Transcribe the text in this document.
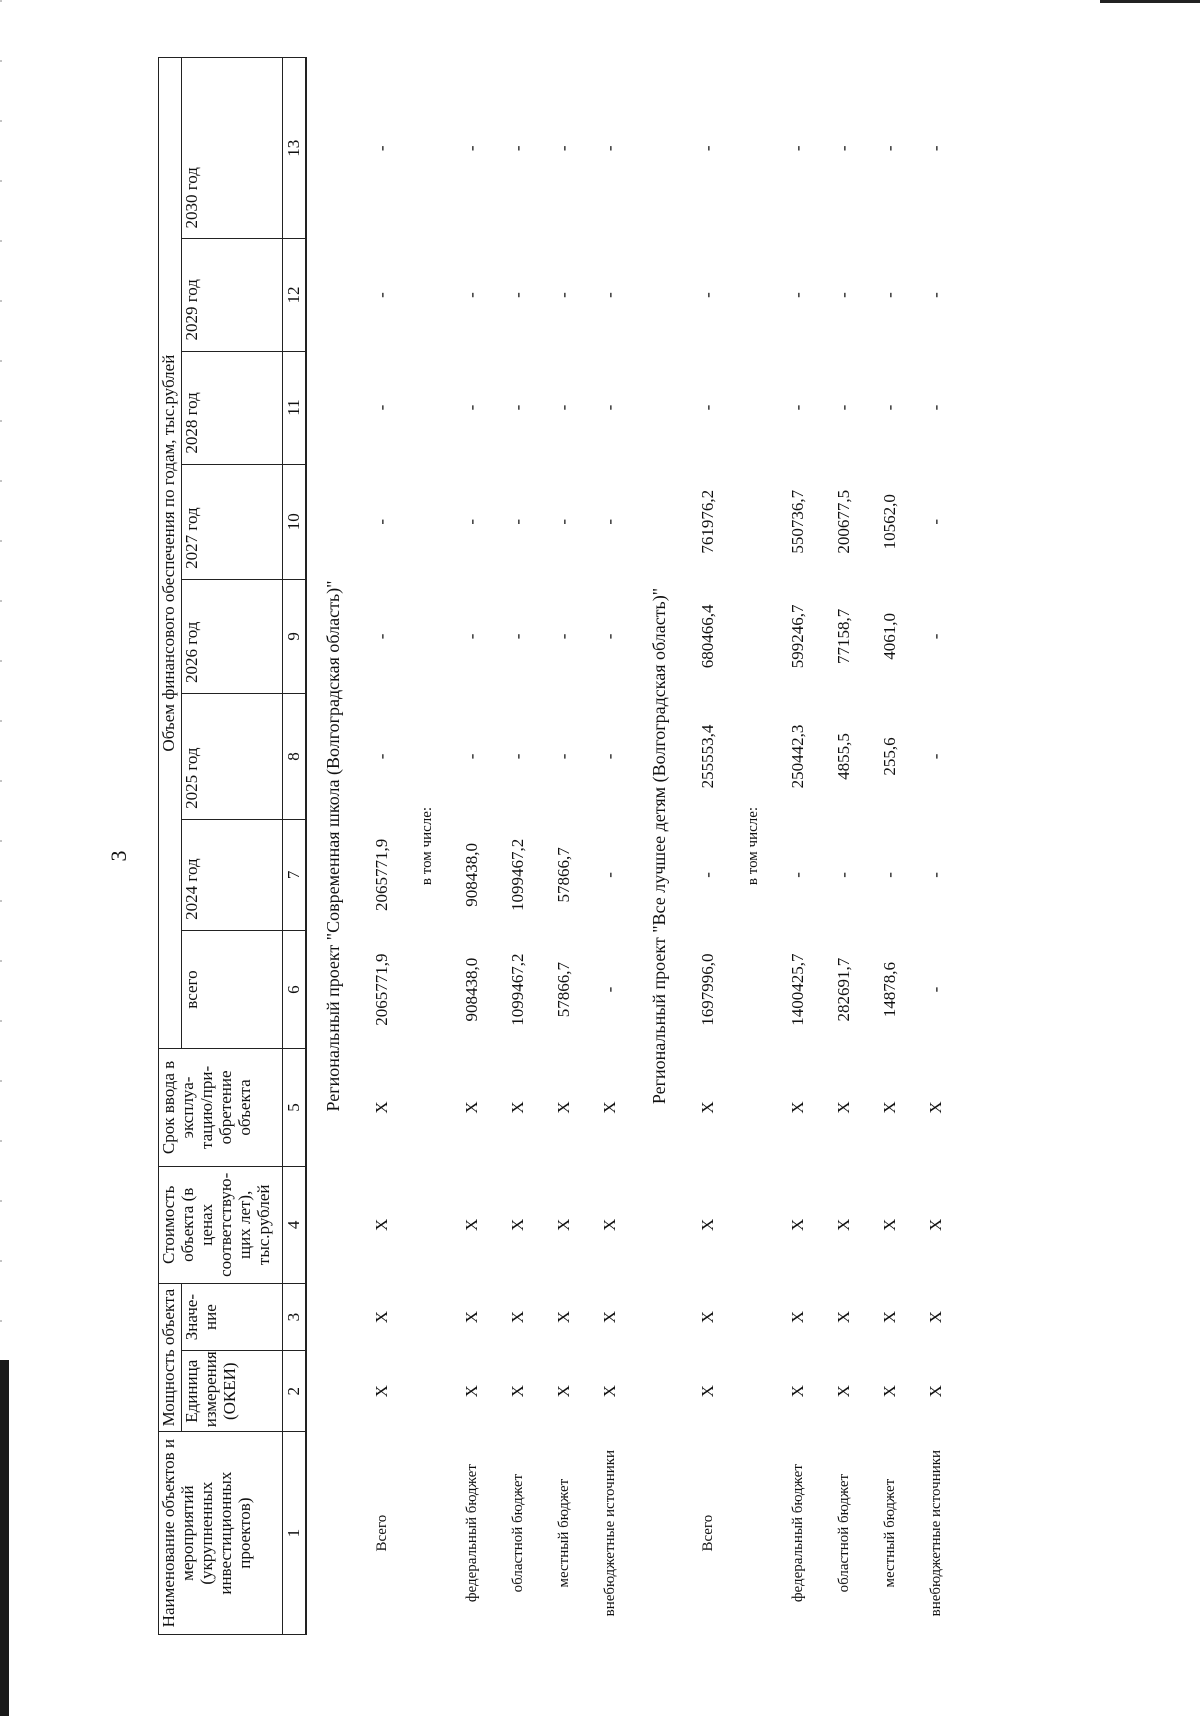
3
Наименование объектов и мероприятий (укрупненных инвестиционных проектов)	Мощность объекта		Стоимость объекта (в ценах соответствую-щих лет), тыс.рублей	Срок ввода в эксплуа-тацию/при-обретение объекта	Объем финансового обеспечения по годам, тыс.рублей							
	Единица измерения (ОКЕИ)	Значе-ние			всего	2024 год	2025 год	2026 год	2027 год	2028 год	2029 год	2030 год
1	2	3	4	5	6	7	8	9	10	11	12	13
Региональный проект "Современная школа (Волгоградская область)"												
Всего	Х	Х	Х	Х	2065771,9	2065771,9	-	-	-	-	-	-
в том числе:												
федеральный бюджет	Х	Х	Х	Х	908438,0	908438,0	-	-	-	-	-	-
областной бюджет	Х	Х	Х	Х	1099467,2	1099467,2	-	-	-	-	-	-
местный бюджет	Х	Х	Х	Х	57866,7	57866,7	-	-	-	-	-	-
внебюджетные источники	Х	Х	Х	Х	-	-	-	-	-	-	-	-
Региональный проект "Все лучшее детям (Волгоградская область)"												
Всего	Х	Х	Х	Х	1697996,0	-	255553,4	680466,4	761976,2	-	-	-
в том числе:												
федеральный бюджет	Х	Х	Х	Х	1400425,7	-	250442,3	599246,7	550736,7	-	-	-
областной бюджет	Х	Х	Х	Х	282691,7	-	4855,5	77158,7	200677,5	-	-	-
местный бюджет	Х	Х	Х	Х	14878,6	-	255,6	4061,0	10562,0	-	-	-
внебюджетные источники	Х	Х	Х	Х	-	-	-	-	-	-	-	-
